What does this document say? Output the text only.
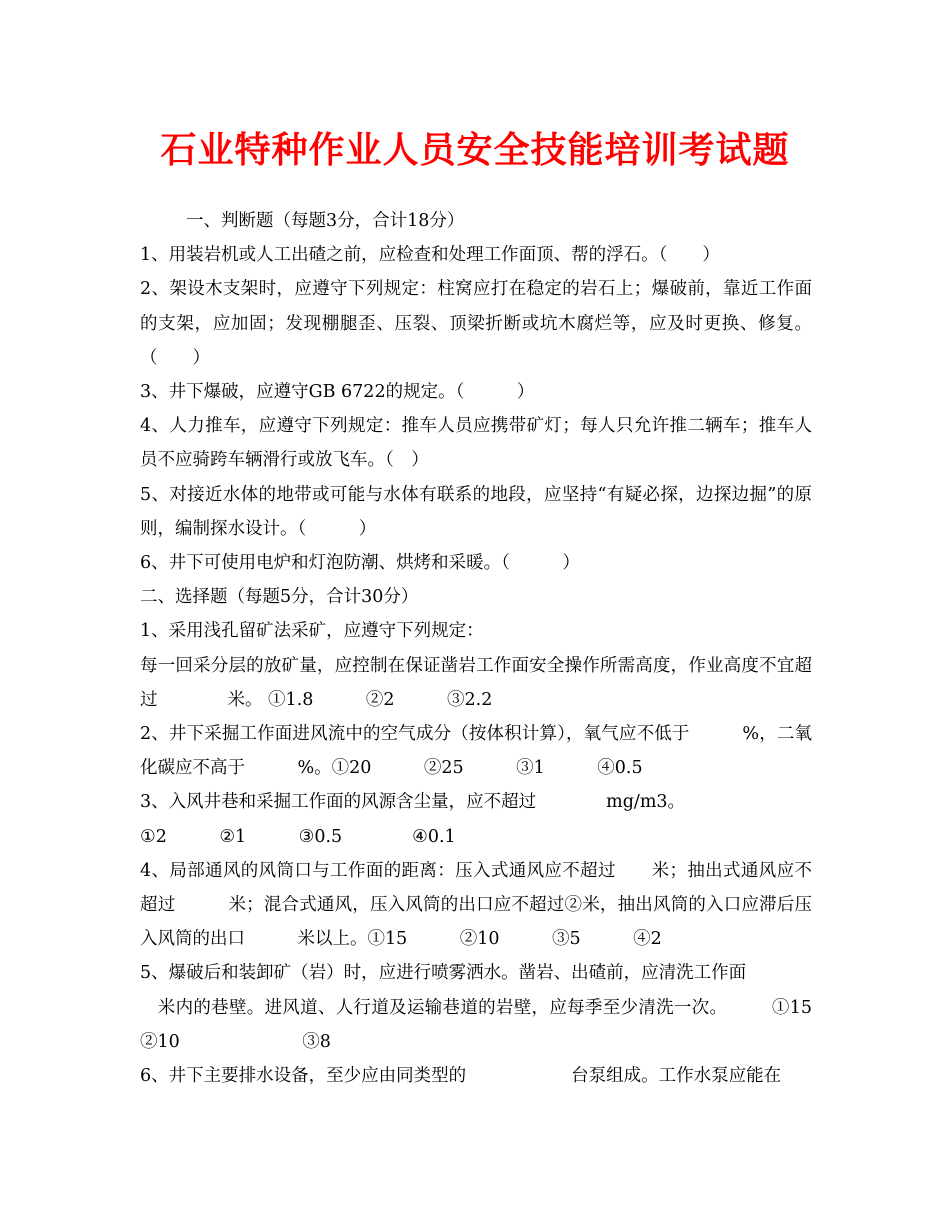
石业特种作业人员安全技能培训考试题

一、判断题（每题3分，合计18分）

1、用装岩机或人工出碴之前，应检查和处理工作面顶、帮的浮石。（　　）

2、架设木支架时，应遵守下列规定：柱窝应打在稳定的岩石上；爆破前，靠近工作面的支架，应加固；发现棚腿歪、压裂、顶梁折断或坑木腐烂等，应及时更换、修复。（　　）

3、井下爆破，应遵守GB 6722的规定。（　　　）

4、人力推车，应遵守下列规定：推车人员应携带矿灯；每人只允许推二辆车；推车人员不应骑跨车辆滑行或放飞车。（　）

5、对接近水体的地带或可能与水体有联系的地段，应坚持“有疑必探，边探边掘”的原则，编制探水设计。（　　　）

6、井下可使用电炉和灯泡防潮、烘烤和采暖。（　　　）

二、选择题（每题5分，合计30分）

1、采用浅孔留矿法采矿，应遵守下列规定：

每一回采分层的放矿量，应控制在保证凿岩工作面安全操作所需高度，作业高度不宜超过　　　　米。 ①1.8　　　②2　　　③2.2

2、井下采掘工作面进风流中的空气成分（按体积计算），氧气应不低于　　　%，二氧化碳应不高于　　　%。①20　　　②25　　　③1　　　④0.5

3、入风井巷和采掘工作面的风源含尘量，应不超过　　　　mg/m3。

①2　　　②1　　　③0.5　　　　④0.1

4、局部通风的风筒口与工作面的距离：压入式通风应不超过　　米；抽出式通风应不超过　　　米；混合式通风，压入风筒的出口应不超过②米，抽出风筒的入口应滞后压入风筒的出口　　　米以上。①15　　　②10　　　③5　　　④2

5、爆破后和装卸矿（岩）时，应进行喷雾洒水。凿岩、出碴前，应清洗工作面

　米内的巷壁。进风道、人行道及运输巷道的岩壁，应每季至少清洗一次。　　　①15　　　　　②10　　　　　　　③8

6、井下主要排水设备，至少应由同类型的　　　　　　台泵组成。工作水泵应能在
